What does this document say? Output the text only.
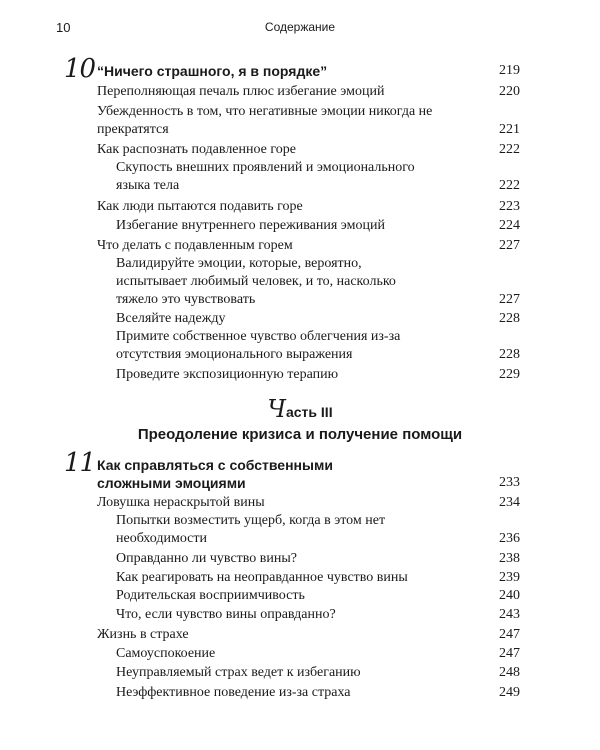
10	Содержание
10 “Ничего страшного, я в порядке”	219
Переполняющая печаль плюс избегание эмоций	220
Убежденность в том, что негативные эмоции никогда не прекратятся	221
Как распознать подавленное горе	222
Скупость внешних проявлений и эмоционального языка тела	222
Как люди пытаются подавить горе	223
Избегание внутреннего переживания эмоций	224
Что делать с подавленным горем	227
Валидируйте эмоции, которые, вероятно, испытывает любимый человек, и то, насколько тяжело это чувствовать	227
Вселяйте надежду	228
Примите собственное чувство облегчения из-за отсутствия эмоционального выражения	228
Проведите экспозиционную терапию	229
Часть III
Преодоление кризиса и получение помощи
11 Как справляться с собственными сложными эмоциями	233
Ловушка нераскрытой вины	234
Попытки возместить ущерб, когда в этом нет необходимости	236
Оправданно ли чувство вины?	238
Как реагировать на неоправданное чувство вины	239
Родительская восприимчивость	240
Что, если чувство вины оправданно?	243
Жизнь в страхе	247
Самоуспокоение	247
Неуправляемый страх ведет к избеганию	248
Неэффективное поведение из-за страха	249
